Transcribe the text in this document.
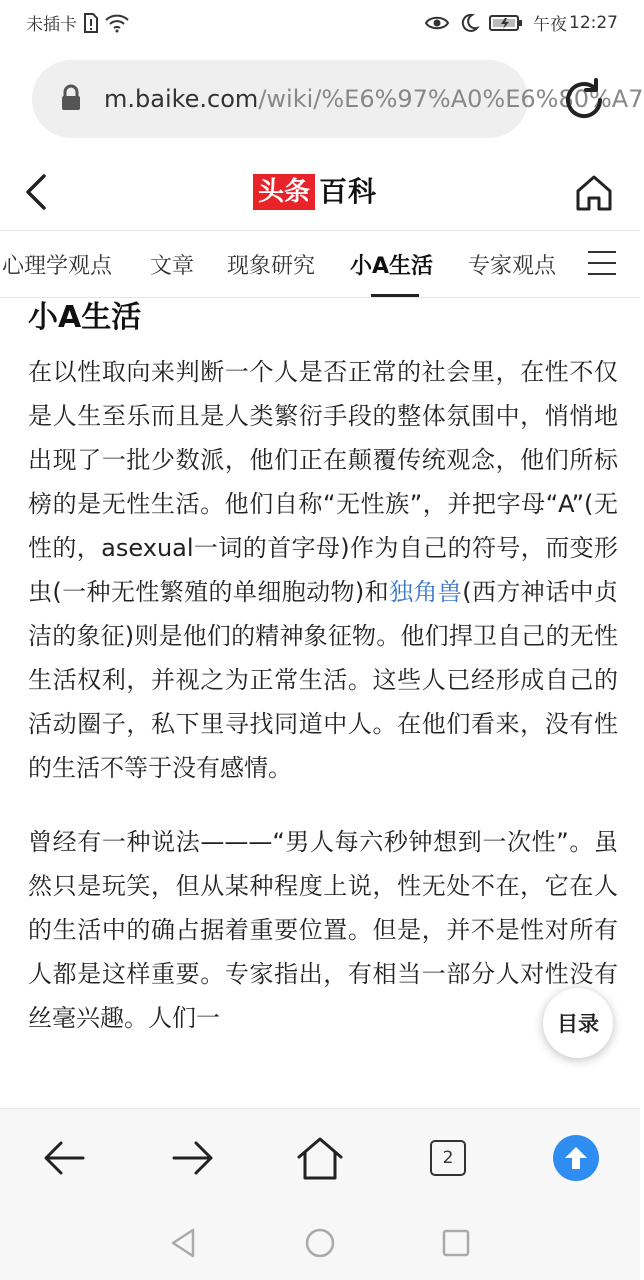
未插卡	午夜 12:27
m.baike.com/wiki/%E6%97%A0%E6%80%A7
头条 百科
心理学观点 文章 现象研究 小A生活 专家观点
小A生活

在以性取向来判断一个人是否正常的社会里，在性不仅是人生至乐而且是人类繁衍手段的整体氛围中，悄悄地出现了一批少数派，他们正在颠覆传统观念，他们所标榜的是无性生活。他们自称“无性族”，并把字母“A”(无性的，asexual一词的首字母)作为自己的符号，而变形虫(一种无性繁殖的单细胞动物)和独角兽(西方神话中贞洁的象征)则是他们的精神象征物。他们捍卫自己的无性生活权利，并视之为正常生活。这些人已经形成自己的活动圈子，私下里寻找同道中人。在他们看来，没有性的生活不等于没有感情。

曾经有一种说法———“男人每六秒钟想到一次性”。虽然只是玩笑，但从某种程度上说，性无处不在，它在人的生活中的确占据着重要位置。但是，并不是性对所有人都是这样重要。专家指出，有相当一部分人对性没有丝毫兴趣。人们一	目录
2
